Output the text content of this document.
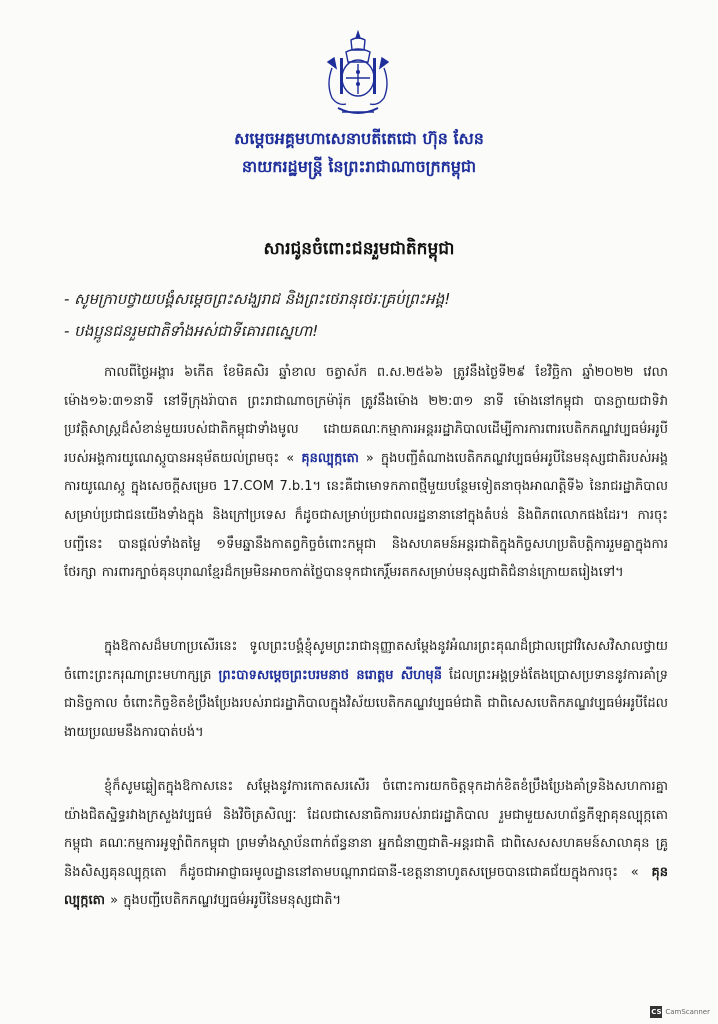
សម្ដេចអគ្គមហាសេនាបតីតេជោ ហ៊ុន សែន
នាយករដ្ឋមន្ត្រី នៃព្រះរាជាណាចក្រកម្ពុជា
សារជូនចំពោះជនរួមជាតិកម្ពុជា
- សូមក្រាបថ្វាយបង្គំសម្ដេចព្រះសង្ឃរាជ និងព្រះថេរានុថេរៈគ្រប់ព្រះអង្គ!
- បងប្អូនជនរួមជាតិទាំងអស់ជាទីគោរពស្នេហា!

កាលពីថ្ងៃអង្គារ ៦កើត ខែមិគសិរ ឆ្នាំខាល ចត្វាស័ក ព.ស.២៥៦៦ ត្រូវនឹងថ្ងៃទី២៩ ខែវិច្ឆិកា ឆ្នាំ២០២២ វេលាម៉ោង១៦:៣១នាទី នៅទីក្រុងរ៉ាបាត ព្រះរាជាណាចក្រម៉ារ៉ុក ត្រូវនឹងម៉ោង ២២:៣១ នាទី ម៉ោងនៅកម្ពុជា បានក្លាយជាទិវាប្រវត្តិសាស្ត្រដ៏សំខាន់មួយរបស់ជាតិកម្ពុជាទាំងមូល ដោយគណៈកម្មាការអន្តររដ្ឋាភិបាលដើម្បីការការពារបេតិកភណ្ឌវប្បធម៌អរូបីរបស់អង្គការយូណេស្កូបានអនុម័តយល់ព្រមចុះ « គុនល្បុក្កតោ » ក្នុងបញ្ជីតំណាងបេតិកភណ្ឌវប្បធម៌អរូបីនៃមនុស្សជាតិរបស់អង្គការយូណេស្កូ ក្នុងសេចក្ដីសម្រេច 17.COM 7.b.1។ នេះគឺជាមោទកភាពថ្មីមួយបន្ថែមទៀតនាចុងអាណត្តិទី៦ នៃរាជរដ្ឋាភិបាលសម្រាប់ប្រជាជនយើងទាំងក្នុង និងក្រៅប្រទេស ក៏ដូចជាសម្រាប់ប្រជាពលរដ្ឋនានានៅក្នុងតំបន់ និងពិភពលោកផងដែរ។ ការចុះបញ្ជីនេះ បានផ្ដល់ទាំងតម្លៃ ១ទឹមឆ្នានឹងកាតព្វកិច្ចចំពោះកម្ពុជា និងសហគមន៍អន្តរជាតិក្នុងកិច្ចសហប្រតិបត្តិការរួមគ្នាក្នុងការថែរក្សា ការពារក្បាច់គុនបុរាណខ្មែរដ៏កម្រមិនអាចកាត់ថ្លៃបានទុកជាកេរ្តិ៍មរតកសម្រាប់មនុស្សជាតិជំនាន់ក្រោយតរៀងទៅ។

ក្នុងឱកាសដ៏មហាប្រសើរនេះ ទូលព្រះបង្គំខ្ញុំសូមព្រះរាជានុញ្ញាតសម្ដែងនូវអំណរព្រះគុណដ៏ជ្រាលជ្រៅវិសេសវិសាលថ្វាយចំពោះព្រះករុណាព្រះមហាក្សត្រ ព្រះបាទសម្ដេចព្រះបរមនាថ នរោត្តម សីហមុនី ដែលព្រះអង្គទ្រង់តែងប្រោសប្រទាននូវការគាំទ្រជានិច្ចកាល ចំពោះកិច្ចខិតខំប្រឹងប្រែងរបស់រាជរដ្ឋាភិបាលក្នុងវិស័យបេតិកភណ្ឌវប្បធម៌ជាតិ ជាពិសេសបេតិកភណ្ឌវប្បធម៌អរូបីដែលងាយប្រឈមនឹងការបាត់បង់។

ខ្ញុំក៏សូមឆ្លៀតក្នុងឱកាសនេះ សម្ដែងនូវការកោតសរសើរ ចំពោះការយកចិត្តទុកដាក់ខិតខំប្រឹងប្រែងគាំទ្រនិងសហការគ្នាយ៉ាងជិតស្និទ្ធរវាងក្រសួងវប្បធម៌ និងវិចិត្រសិល្បៈ ដែលជាសេនាធិការរបស់រាជរដ្ឋាភិបាល រួមជាមួយសហព័ន្ធកីឡាគុនល្បុក្កតោកម្ពុជា គណៈកម្មការអូឡាំពិកកម្ពុជា ព្រមទាំងស្ថាប័នពាក់ព័ន្ធនានា អ្នកជំនាញជាតិ-អន្តរជាតិ ជាពិសេសសហគមន៍សាលាគុន គ្រូនិងសិស្សគុនល្បុក្កតោ ក៏ដូចជាអាជ្ញាធរមូលដ្ឋាននៅតាមបណ្ដារាជធានី-ខេត្តនានាហូតសម្រេចបានជោគជ័យក្នុងការចុះ « គុនល្បុក្កតោ » ក្នុងបញ្ជីបេតិកភណ្ឌវប្បធម៌អរូបីនៃមនុស្សជាតិ។

CS CamScanner
